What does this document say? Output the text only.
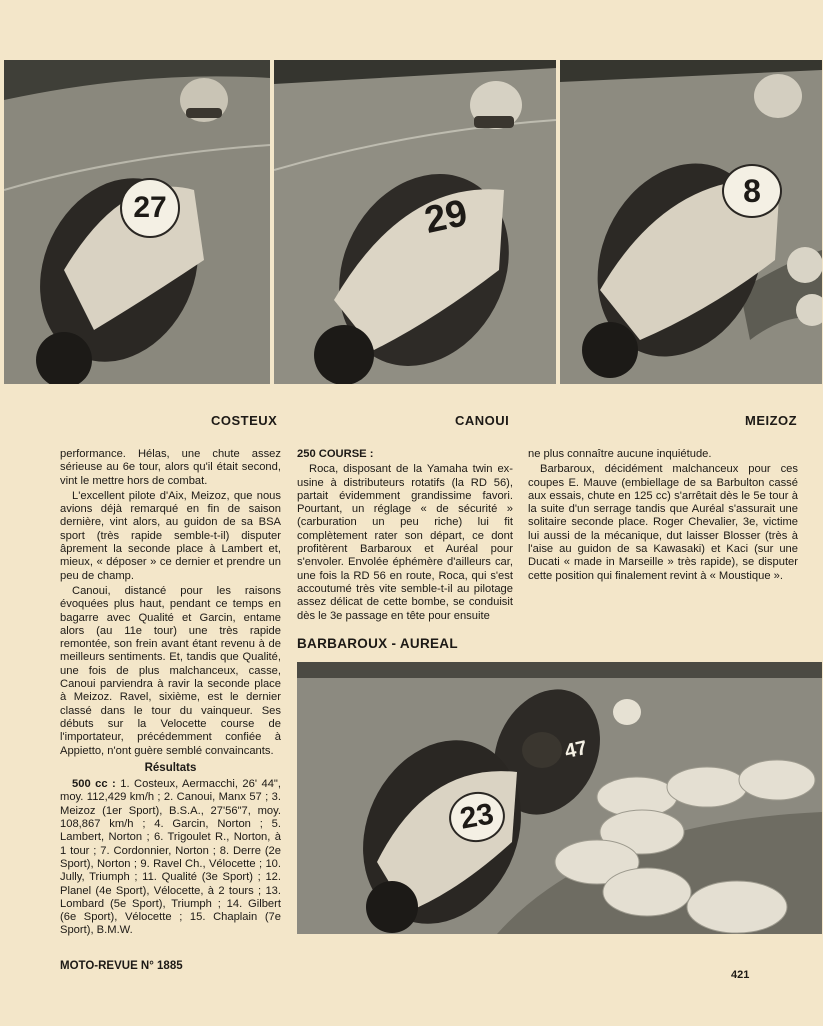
27	29
8
COSTEUX	CANOUI	MEIZOZ

performance. Hélas, une chute assez sérieuse au 6e tour, alors qu'il était second, vint le mettre hors de combat.

L'excellent pilote d'Aix, Meizoz, que nous avions déjà remarqué en fin de saison dernière, vint alors, au guidon de sa BSA sport (très rapide semble-t-il) disputer âprement la seconde place à Lambert et, mieux, « déposer » ce dernier et prendre un peu de champ.

Canoui, distancé pour les raisons évoquées plus haut, pendant ce temps en bagarre avec Qualité et Garcin, entame alors (au 11e tour) une très rapide remontée, son frein avant étant revenu à de meilleurs sentiments. Et, tandis que Qualité, une fois de plus malchanceux, casse, Canoui parviendra à ravir la seconde place à Meizoz. Ravel, sixième, est le dernier classé dans le tour du vainqueur. Ses débuts sur la Velocette course de l'importateur, précédemment confiée à Appietto, n'ont guère semblé convaincants.

Résultats

500 cc : 1. Costeux, Aermacchi, 26' 44", moy. 112,429 km/h ; 2. Canoui, Manx 57 ; 3. Meizoz (1er Sport), B.S.A., 27'56"7, moy. 108,867 km/h ; 4. Garcin, Norton ; 5. Lambert, Norton ; 6. Trigoulet R., Norton, à 1 tour ; 7. Cordonnier, Norton ; 8. Derre (2e Sport), Norton ; 9. Ravel Ch., Vélocette ; 10. Jully, Triumph ; 11. Qualité (3e Sport) ; 12. Planel (4e Sport), Vélocette, à 2 tours ; 13. Lombard (5e Sport), Triumph ; 14. Gilbert (6e Sport), Vélocette ; 15. Chaplain (7e Sport), B.M.W.

250 COURSE :

Roca, disposant de la Yamaha twin ex-usine à distributeurs rotatifs (la RD 56), partait évidemment grandissime favori. Pourtant, un réglage « de sécurité » (carburation un peu riche) lui fit complètement rater son départ, ce dont profitèrent Barbaroux et Auréal pour s'envoler. Envolée éphémère d'ailleurs car, une fois la RD 56 en route, Roca, qui s'est accoutumé très vite semble-t-il au pilotage assez délicat de cette bombe, se conduisit dès le 3e passage en tête pour ensuite

ne plus connaître aucune inquiétude.

Barbaroux, décidément malchanceux pour ces coupes E. Mauve (embiellage de sa Barbulton cassé aux essais, chute en 125 cc) s'arrêtait dès le 5e tour à la suite d'un serrage tandis que Auréal s'assurait une solitaire seconde place. Roger Chevalier, 3e, victime lui aussi de la mécanique, dut laisser Blosser (très à l'aise au guidon de sa Kawasaki) et Kaci (sur une Ducati « made in Marseille » très rapide), se disputer cette position qui finalement revint à « Moustique ».

BARBAROUX - AUREAL
23
47
MOTO-REVUE N° 1885
421
